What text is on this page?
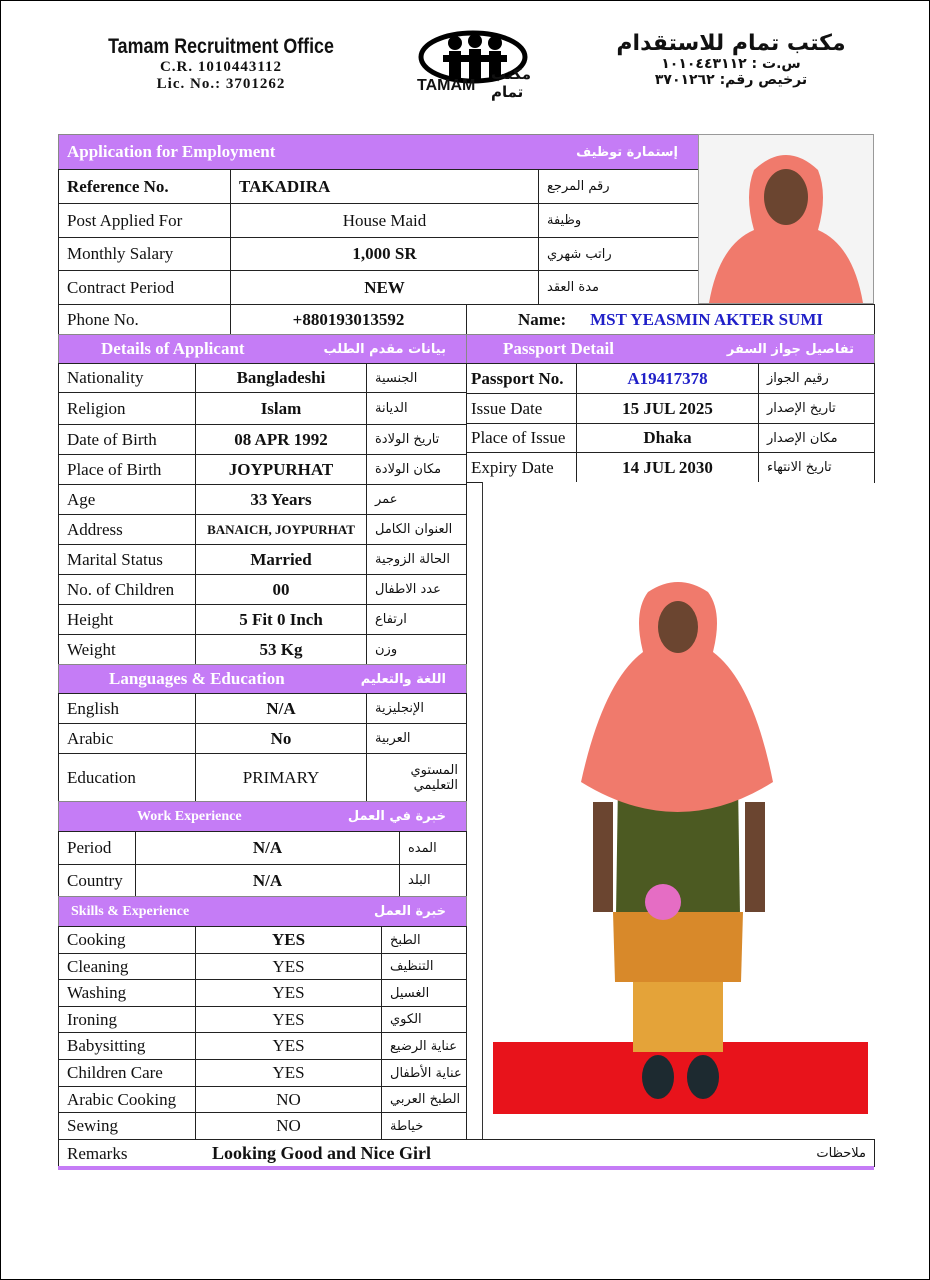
Tamam Recruitment Office
C.R. 1010443112
Lic. No.: 3701262	TAMAM
مكتب تمام
مكتب تمام للاستقدام
س.ت : ١٠١٠٤٤٣١١٢
ترخيص رقم: ٣٧٠١٢٦٢
Application for Employment	إستمارة توظيف
Reference No.	TAKADIRA	رقم المرجع
Post Applied For	House Maid	وظيفة
Monthly Salary	1,000 SR	راتب شهري
Contract Period	NEW	مدة العقد
Phone No.	+880193013592	Name: MST YEASMIN AKTER SUMI
Details of Applicant	بيانات مقدم الطلب
Nationality	Bangladeshi	الجنسية
Religion	Islam	الديانة
Date of Birth	08 APR 1992	تاريخ الولادة
Place of Birth	JOYPURHAT	مكان الولادة
Age	33 Years	عمر
Address	BANAICH, JOYPURHAT	العنوان الكامل
Marital Status	Married	الحالة الزوجية
No. of Children	00	عدد الاطفال
Height	5 Fit 0 Inch	ارتفاع
Weight	53 Kg	وزن
Languages & Education	اللغة والتعليم
English	N/A	الإنجليزية
Arabic	No	العربية
Education	PRIMARY	المستوي التعليمي
Work Experience	خبرة في العمل
Period	N/A	المده
Country	N/A	البلد
Skills & Experience	خبرة العمل
Cooking	YES	الطبخ
Cleaning	YES	التنظيف
Washing	YES	الغسيل
Ironing	YES	الكوي
Babysitting	YES	عناية الرضيع
Children Care	YES	عناية الأطفال
Arabic Cooking	NO	الطبخ العربي
Sewing	NO	خياطة
Passport Detail	تفاصيل جواز السفر
Passport No.	A19417378	رقيم الجواز
Issue Date	15 JUL 2025	تاريخ الإصدار
Place of Issue	Dhaka	مكان الإصدار
Expiry Date	14 JUL 2030	تاريخ الانتهاء
Remarks	Looking Good and Nice Girl	ملاحظات
